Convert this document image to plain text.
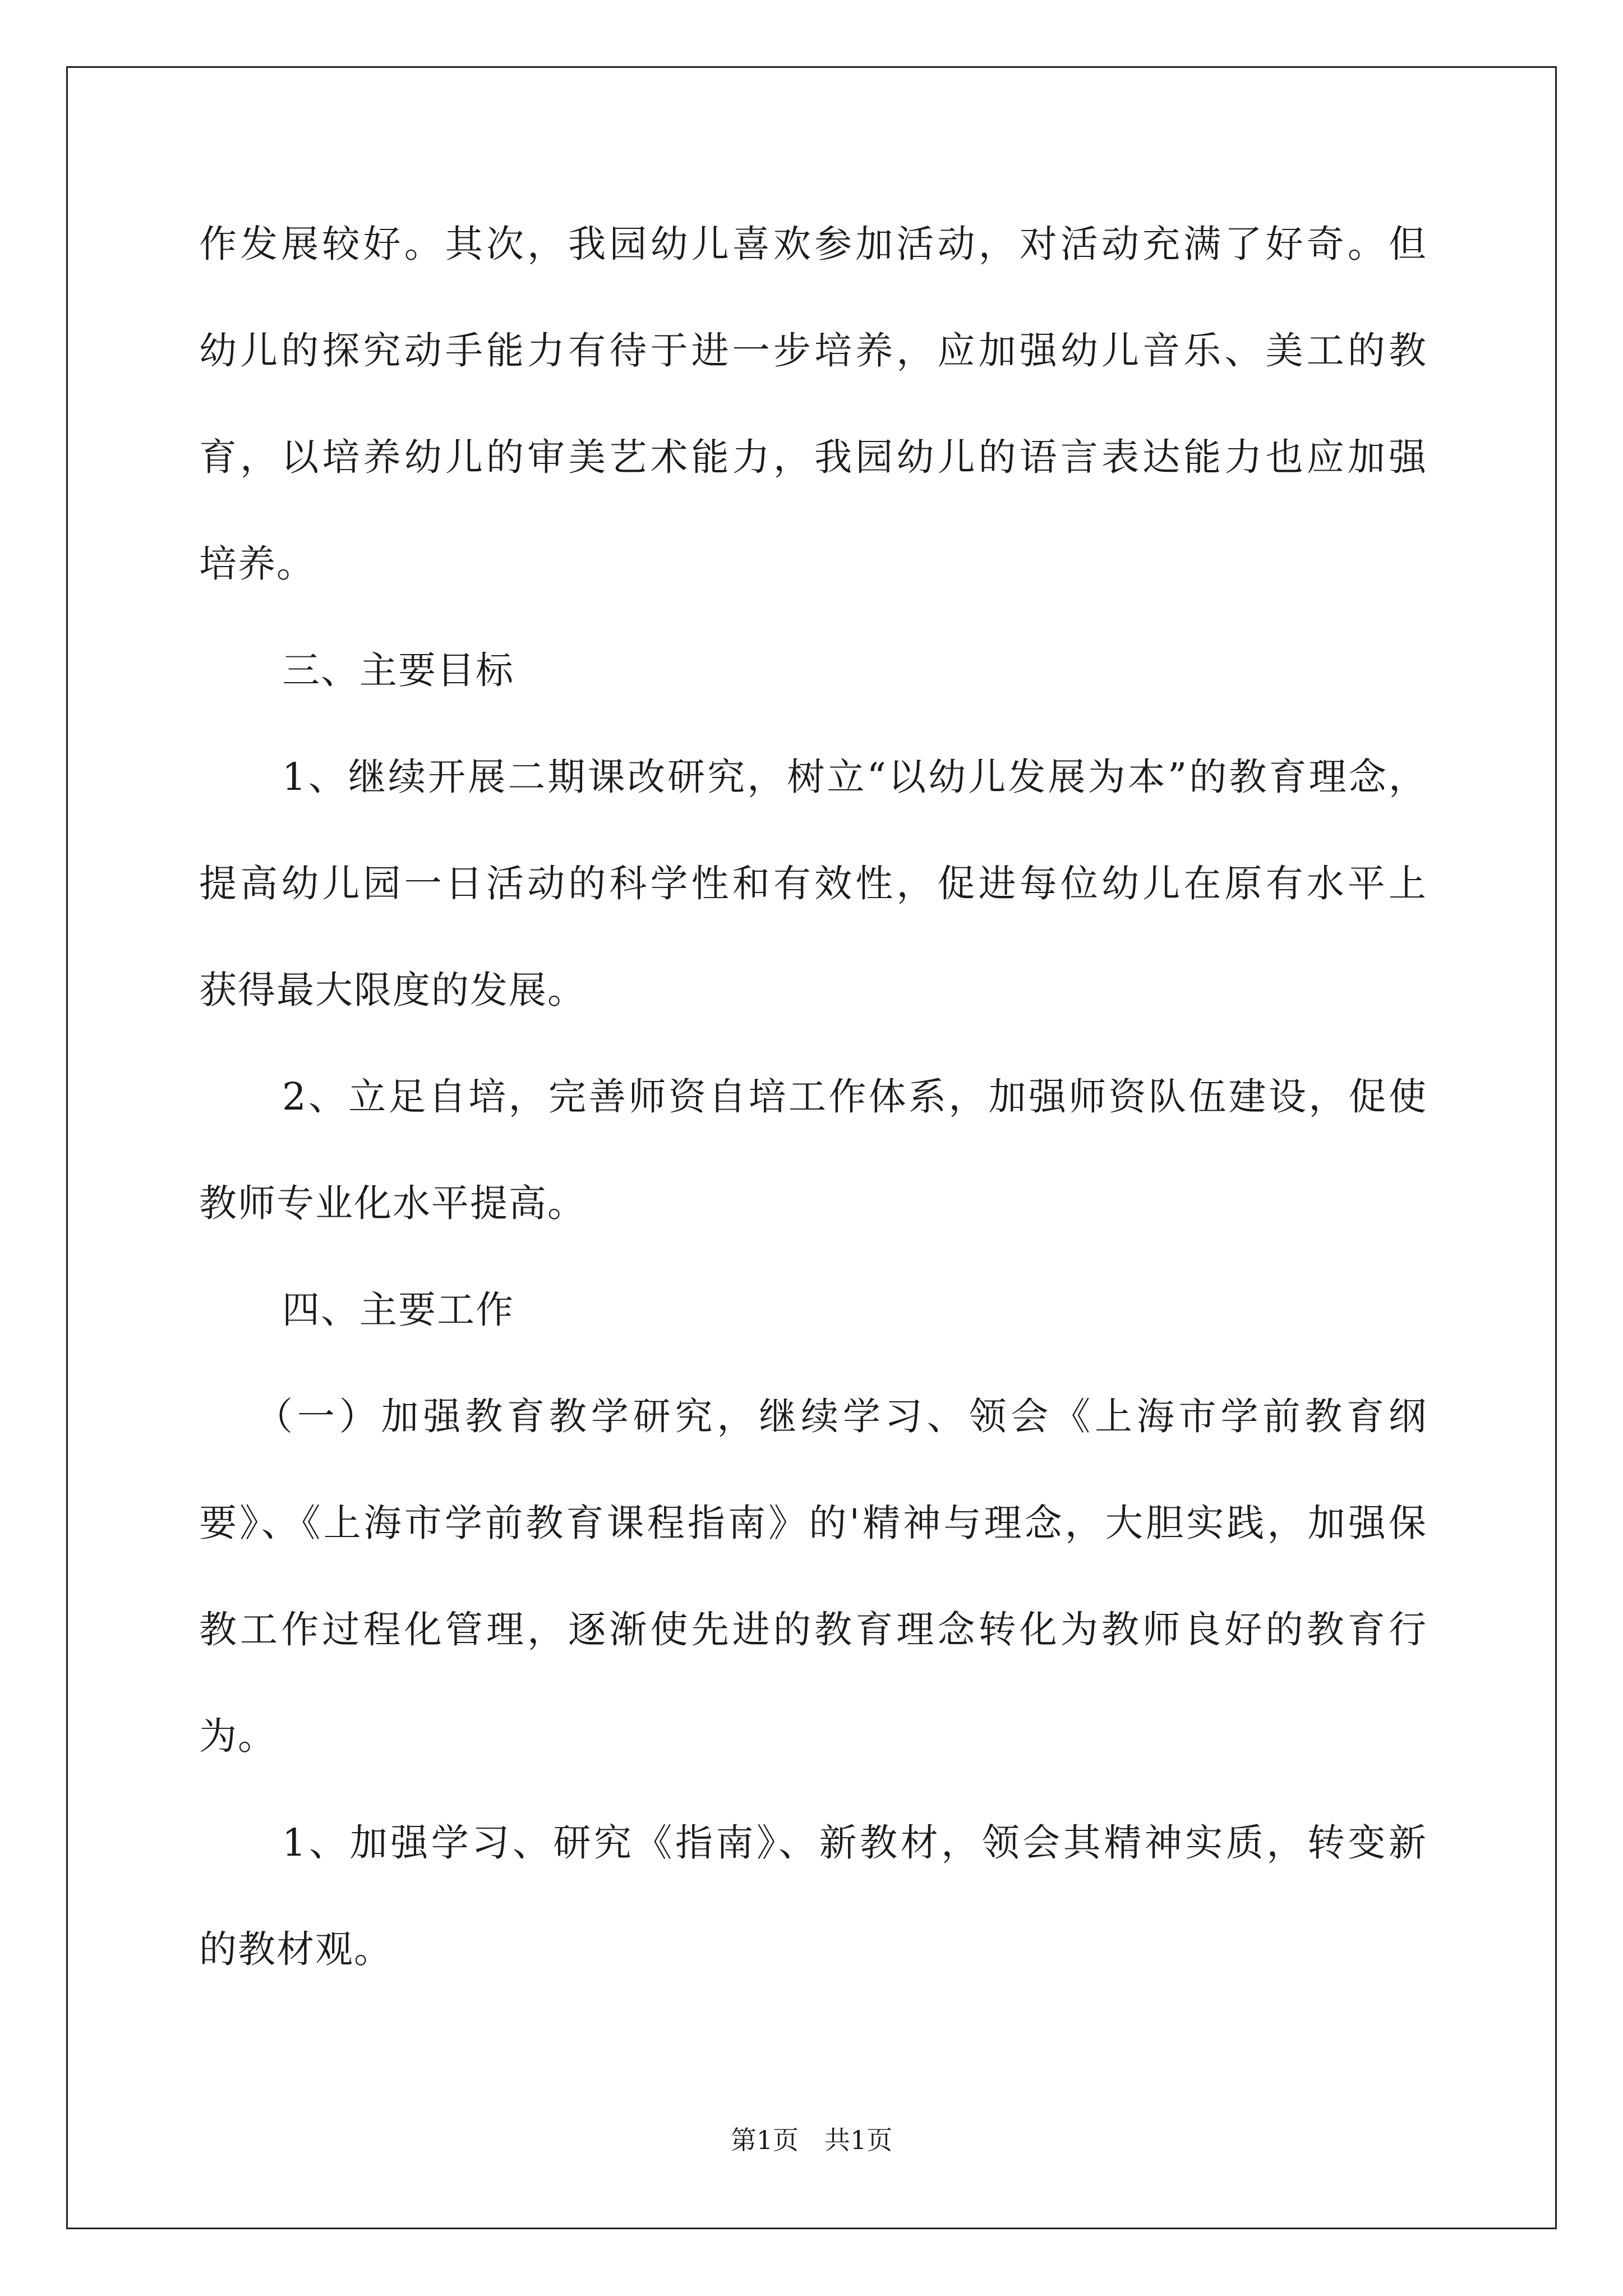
作发展较好。其次，我园幼儿喜欢参加活动，对活动充满了好奇。但
幼儿的探究动手能力有待于进一步培养，应加强幼儿音乐、美工的教
育，以培养幼儿的审美艺术能力，我园幼儿的语言表达能力也应加强
培养。
三、主要目标
1、继续开展二期课改研究，树立“以幼儿发展为本”的教育理念，
提高幼儿园一日活动的科学性和有效性，促进每位幼儿在原有水平上
获得最大限度的发展。
2、立足自培，完善师资自培工作体系，加强师资队伍建设，促使
教师专业化水平提高。
四、主要工作
（一）加强教育教学研究，继续学习、领会《上海市学前教育纲
要》、《上海市学前教育课程指南》的'精神与理念，大胆实践，加强保
教工作过程化管理，逐渐使先进的教育理念转化为教师良好的教育行
为。
1、加强学习、研究《指南》、新教材，领会其精神实质，转变新
的教材观。
第1页　共1页
